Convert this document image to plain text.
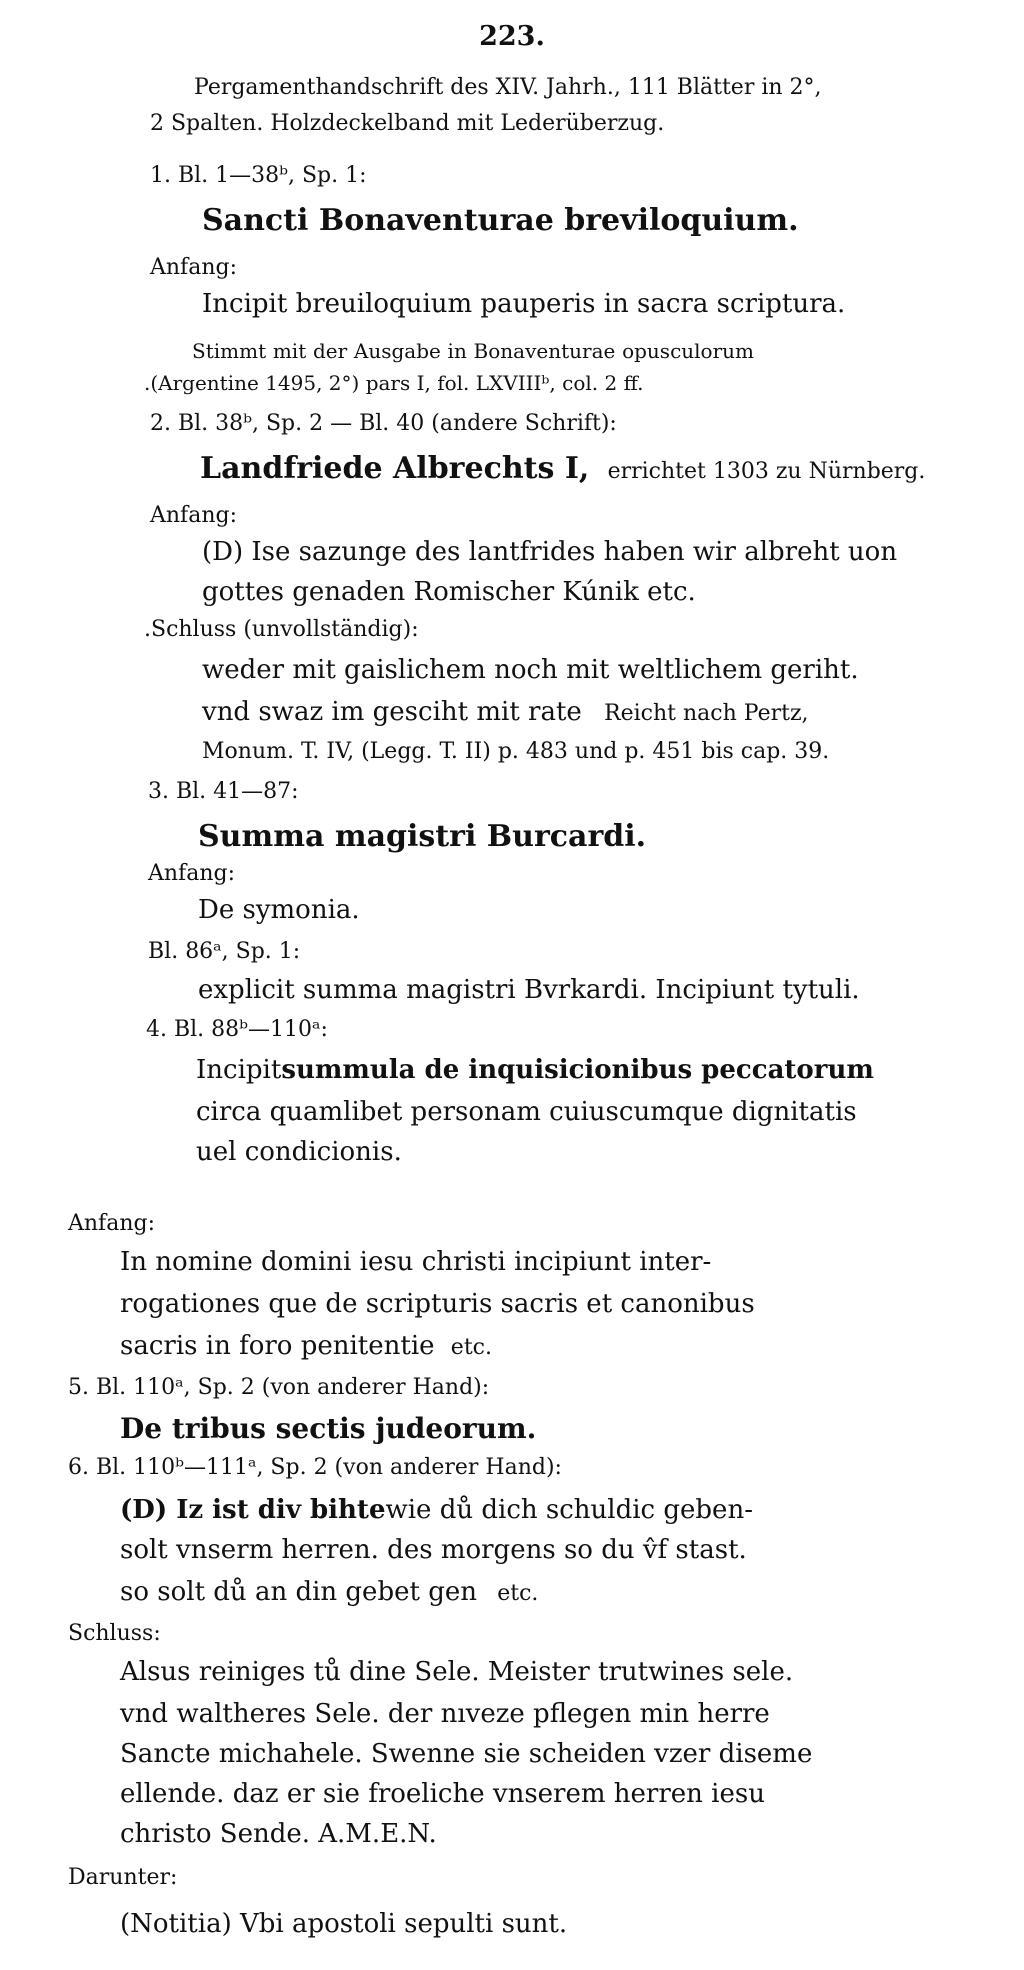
223.
Pergamenthandschrift des XIV. Jahrh., 111 Blätter in 2°,
2 Spalten. Holzdeckelband mit Lederüberzug.
1. Bl. 1—38ᵇ, Sp. 1:
Sancti Bonaventurae breviloquium.
Anfang:
Incipit breuiloquium pauperis in sacra scriptura.
Stimmt mit der Ausgabe in Bonaventurae opusculorum
.(Argentine 1495, 2°) pars I, fol. LXVIIIᵇ, col. 2 ff.
2. Bl. 38ᵇ, Sp. 2 — Bl. 40 (andere Schrift):
Landfriede Albrechts I, errichtet 1303 zu Nürnberg.
Anfang:
(D) Ise sazunge des lantfrides haben wir albreht uon
gottes genaden Romischer Kúnik etc.
.Schluss (unvollständig):
weder mit gaislichem noch mit weltlichem geriht.
vnd swaz im gesciht mit rate Reicht nach Pertz,
Monum. T. IV, (Legg. T. II) p. 483 und p. 451 bis cap. 39.
3. Bl. 41—87:
Summa magistri Burcardi.
Anfang:
De symonia.
Bl. 86ᵃ, Sp. 1:
explicit summa magistri Bvrkardi. Incipiunt tytuli.
4. Bl. 88ᵇ—110ᵃ:
Incipit summula de inquisicionibus peccatorum
circa quamlibet personam cuiuscumque dignitatis
uel condicionis.
Anfang:
In nomine domini iesu christi incipiunt inter-
rogationes que de scripturis sacris et canonibus
sacris in foro penitentie etc.
5. Bl. 110ᵃ, Sp. 2 (von anderer Hand):
De tribus sectis judeorum.
6. Bl. 110ᵇ—111ᵃ, Sp. 2 (von anderer Hand):
(D) Iz ist div bihte wie dů dich schuldic geben-
solt vnserm herren. des morgens so du v̂f stast.
so solt dů an din gebet gen etc.
Schluss:
Alsus reiniges tů dine Sele. Meister trutwines sele.
vnd waltheres Sele. der nıveze pflegen min herre
Sancte michahele. Swenne sie scheiden vzer diseme
ellende. daz er sie froeliche vnserem herren iesu
christo Sende. A.M.E.N.
Darunter:
(Notitia) Vbi apostoli sepulti sunt.
